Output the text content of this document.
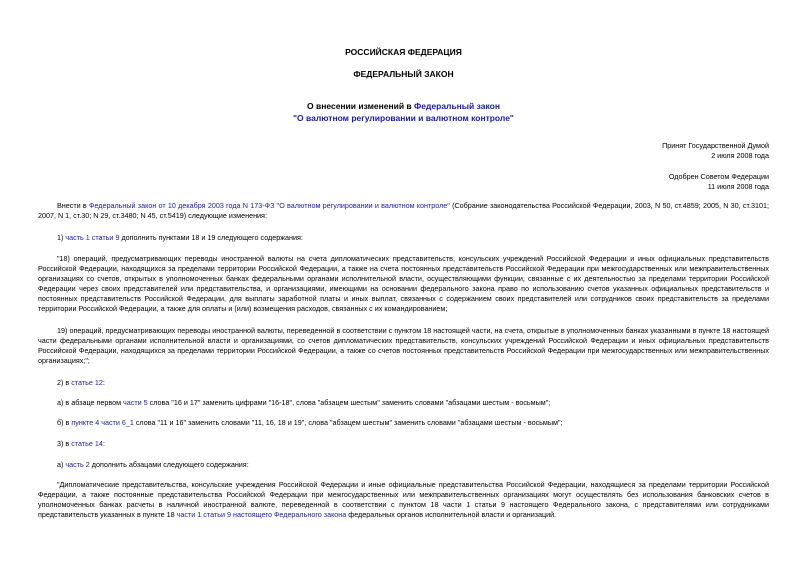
РОССИЙСКАЯ ФЕДЕРАЦИЯ
ФЕДЕРАЛЬНЫЙ ЗАКОН
О внесении изменений в Федеральный закон
"О валютном регулировании и валютном контроле"
Принят Государственной Думой
2 июля 2008 года
Одобрен Советом Федерации
11 июля 2008 года

Внести в Федеральный закон от 10 декабря 2003 года N 173-ФЗ "О валютном регулировании и валютном контроле" (Собрание законодательства Российской Федерации, 2003, N 50, ст.4859; 2005, N 30, ст.3101; 2007, N 1, ст.30; N 29, ст.3480; N 45, ст.5419) следующие изменения:

1) часть 1 статьи 9 дополнить пунктами 18 и 19 следующего содержания:

"18) операций, предусматривающих переводы иностранной валюты на счета дипломатических представительств, консульских учреждений Российской Федерации и иных официальных представительств Российской Федерации, находящихся за пределами территории Российской Федерации, а также на счета постоянных представительств Российской Федерации при межгосударственных или межправительственных организациях со счетов, открытых в уполномоченных банках федеральными органами исполнительной власти, осуществляющими функции, связанные с их деятельностью за пределами территории Российской Федерации через своих представителей или представительства, и организациями, имеющими на основании федерального закона право по использованию счетов указанных официальных представительств и постоянных представительств Российской Федерации, для выплаты заработной платы и иных выплат, связанных с содержанием своих представителей или сотрудников своих представительств за пределами территории Российской Федерации, а также для оплаты и (или) возмещения расходов, связанных с их командированием;

19) операций, предусматривающих переводы иностранной валюты, переведенной в соответствии с пунктом 18 настоящей части, на счета, открытые в уполномоченных банках указанными в пункте 18 настоящей части федеральными органами исполнительной власти и организациями, со счетов дипломатических представительств, консульских учреждений Российской Федерации и иных официальных представительств Российской Федерации, находящихся за пределами территории Российской Федерации, а также со счетов постоянных представительств Российской Федерации при межгосударственных или межправительственных организациях;";

2) в статье 12:

а) в абзаце первом части 5 слова "16 и 17" заменить цифрами "16-18", слова "абзацем шестым" заменить словами "абзацами шестым - восьмым";

б) в пункте 4 части 6_1 слова "11 и 16" заменить словами "11, 16, 18 и 19", слова "абзацем шестым" заменить словами "абзацами шестым - восьмым";

3) в статье 14:

а) часть 2 дополнить абзацами следующего содержания:

"Дипломатические представительства, консульские учреждения Российской Федерации и иные официальные представительства Российской Федерации, находящиеся за пределами территории Российской Федерации, а также постоянные представительства Российской Федерации при межгосударственных или межправительственных организациях могут осуществлять без использования банковских счетов в уполномоченных банках расчеты в наличной иностранной валюте, переведенной в соответствии с пунктом 18 части 1 статьи 9 настоящего Федерального закона, с представителями или сотрудниками представительств указанных в пункте 18 части 1 статьи 9 настоящего Федерального закона федеральных органов исполнительной власти и организаций.
